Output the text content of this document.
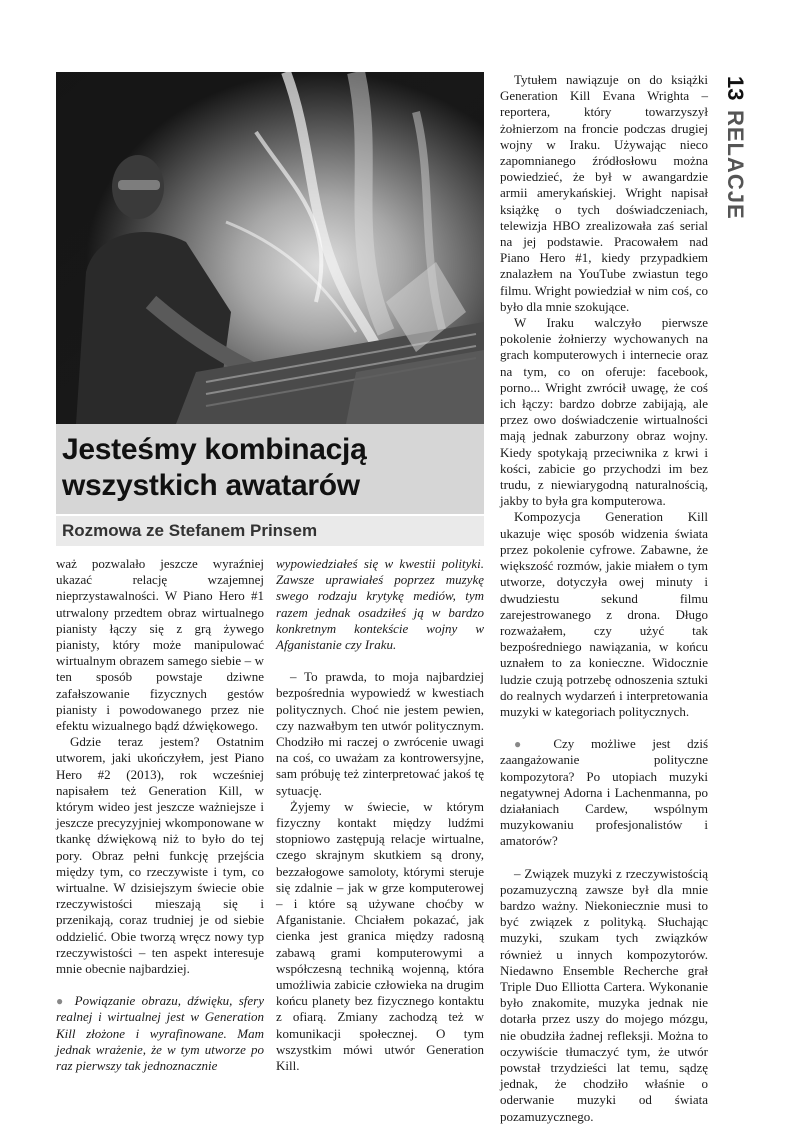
Jesteśmy kombinacją
wszystkich awatarów
Rozmowa ze Stefanem Prinsem
13
RELACJE

waż pozwalało jeszcze wyraźniej ukazać relację wzajemnej nieprzystawalności. W Piano Hero #1 utrwalony przedtem obraz wirtualnego pianisty łączy się z grą żywego pianisty, który może manipulować wirtualnym obrazem samego siebie – w ten sposób powstaje dziwne zafałszowanie fizycznych gestów pianisty i powodowanego przez nie efektu wizualnego bądź dźwiękowego.

Gdzie teraz jestem? Ostatnim utworem, jaki ukończyłem, jest Piano Hero #2 (2013), rok wcześniej napisałem też Generation Kill, w którym wideo jest jeszcze ważniejsze i jeszcze precyzyjniej wkomponowane w tkankę dźwiękową niż to było do tej pory. Obraz pełni funkcję przejścia między tym, co rzeczywiste i tym, co wirtualne. W dzisiejszym świecie obie rzeczywistości mieszają się i przenikają, coraz trudniej je od siebie oddzielić. Obie tworzą wręcz nowy typ rzeczywistości – ten aspekt interesuje mnie obecnie najbardziej.

● Powiązanie obrazu, dźwięku, sfery realnej i wirtualnej jest w Generation Kill złożone i wyrafinowane. Mam jednak wrażenie, że w tym utworze po raz pierwszy tak jednoznacznie

wypowiedziałeś się w kwestii polityki. Zawsze uprawiałeś poprzez muzykę swego rodzaju krytykę mediów, tym razem jednak osadziłeś ją w bardzo konkretnym kontekście wojny w Afganistanie czy Iraku.

– To prawda, to moja najbardziej bezpośrednia wypowiedź w kwestiach politycznych. Choć nie jestem pewien, czy nazwałbym ten utwór politycznym. Chodziło mi raczej o zwrócenie uwagi na coś, co uważam za kontrowersyjne, sam próbuję też zinterpretować jakoś tę sytuację.

Żyjemy w świecie, w którym fizyczny kontakt między ludźmi stopniowo zastępują relacje wirtualne, czego skrajnym skutkiem są drony, bezzałogowe samoloty, którymi steruje się zdalnie – jak w grze komputerowej – i które są używane choćby w Afganistanie. Chciałem pokazać, jak cienka jest granica między radosną zabawą grami komputerowymi a współczesną techniką wojenną, która umożliwia zabicie człowieka na drugim końcu planety bez fizycznego kontaktu z ofiarą. Zmiany zachodzą też w komunikacji społecznej. O tym wszystkim mówi utwór Generation Kill.

Tytułem nawiązuje on do książki Generation Kill Evana Wrighta – reportera, który towarzyszył żołnierzom na froncie podczas drugiej wojny w Iraku. Używając nieco zapomnianego źródłosłowu można powiedzieć, że był w awangardzie armii amerykańskiej. Wright napisał książkę o tych doświadczeniach, telewizja HBO zrealizowała zaś serial na jej podstawie. Pracowałem nad Piano Hero #1, kiedy przypadkiem znalazłem na YouTube zwiastun tego filmu. Wright powiedział w nim coś, co było dla mnie szokujące.

W Iraku walczyło pierwsze pokolenie żołnierzy wychowanych na grach komputerowych i internecie oraz na tym, co on oferuje: facebook, porno... Wright zwrócił uwagę, że coś ich łączy: bardzo dobrze zabijają, ale przez owo doświadczenie wirtualności mają jednak zaburzony obraz wojny. Kiedy spotykają przeciwnika z krwi i kości, zabicie go przychodzi im bez trudu, z niewiarygodną naturalnością, jakby to była gra komputerowa.

Kompozycja Generation Kill ukazuje więc sposób widzenia świata przez pokolenie cyfrowe. Zabawne, że większość rozmów, jakie miałem o tym utworze, dotyczyła owej minuty i dwudziestu sekund filmu zarejestrowanego z drona. Długo rozważałem, czy użyć tak bezpośredniego nawiązania, w końcu uznałem to za konieczne. Widocznie ludzie czują potrzebę odnoszenia sztuki do realnych wydarzeń i interpretowania muzyki w kategoriach politycznych.

● Czy możliwe jest dziś zaangażowanie polityczne kompozytora? Po utopiach muzyki negatywnej Adorna i Lachenmanna, po działaniach Cardew, wspólnym muzykowaniu profesjonalistów i amatorów?

– Związek muzyki z rzeczywistością pozamuzyczną zawsze był dla mnie bardzo ważny. Niekoniecznie musi to być związek z polityką. Słuchając muzyki, szukam tych związków również u innych kompozytorów. Niedawno Ensemble Recherche grał Triple Duo Elliotta Cartera. Wykonanie było znakomite, muzyka jednak nie dotarła przez uszy do mojego mózgu, nie obudziła żadnej refleksji. Można to oczywiście tłumaczyć tym, że utwór powstał trzydzieści lat temu, sądzę jednak, że chodziło właśnie o oderwanie muzyki od świata pozamuzycznego.
